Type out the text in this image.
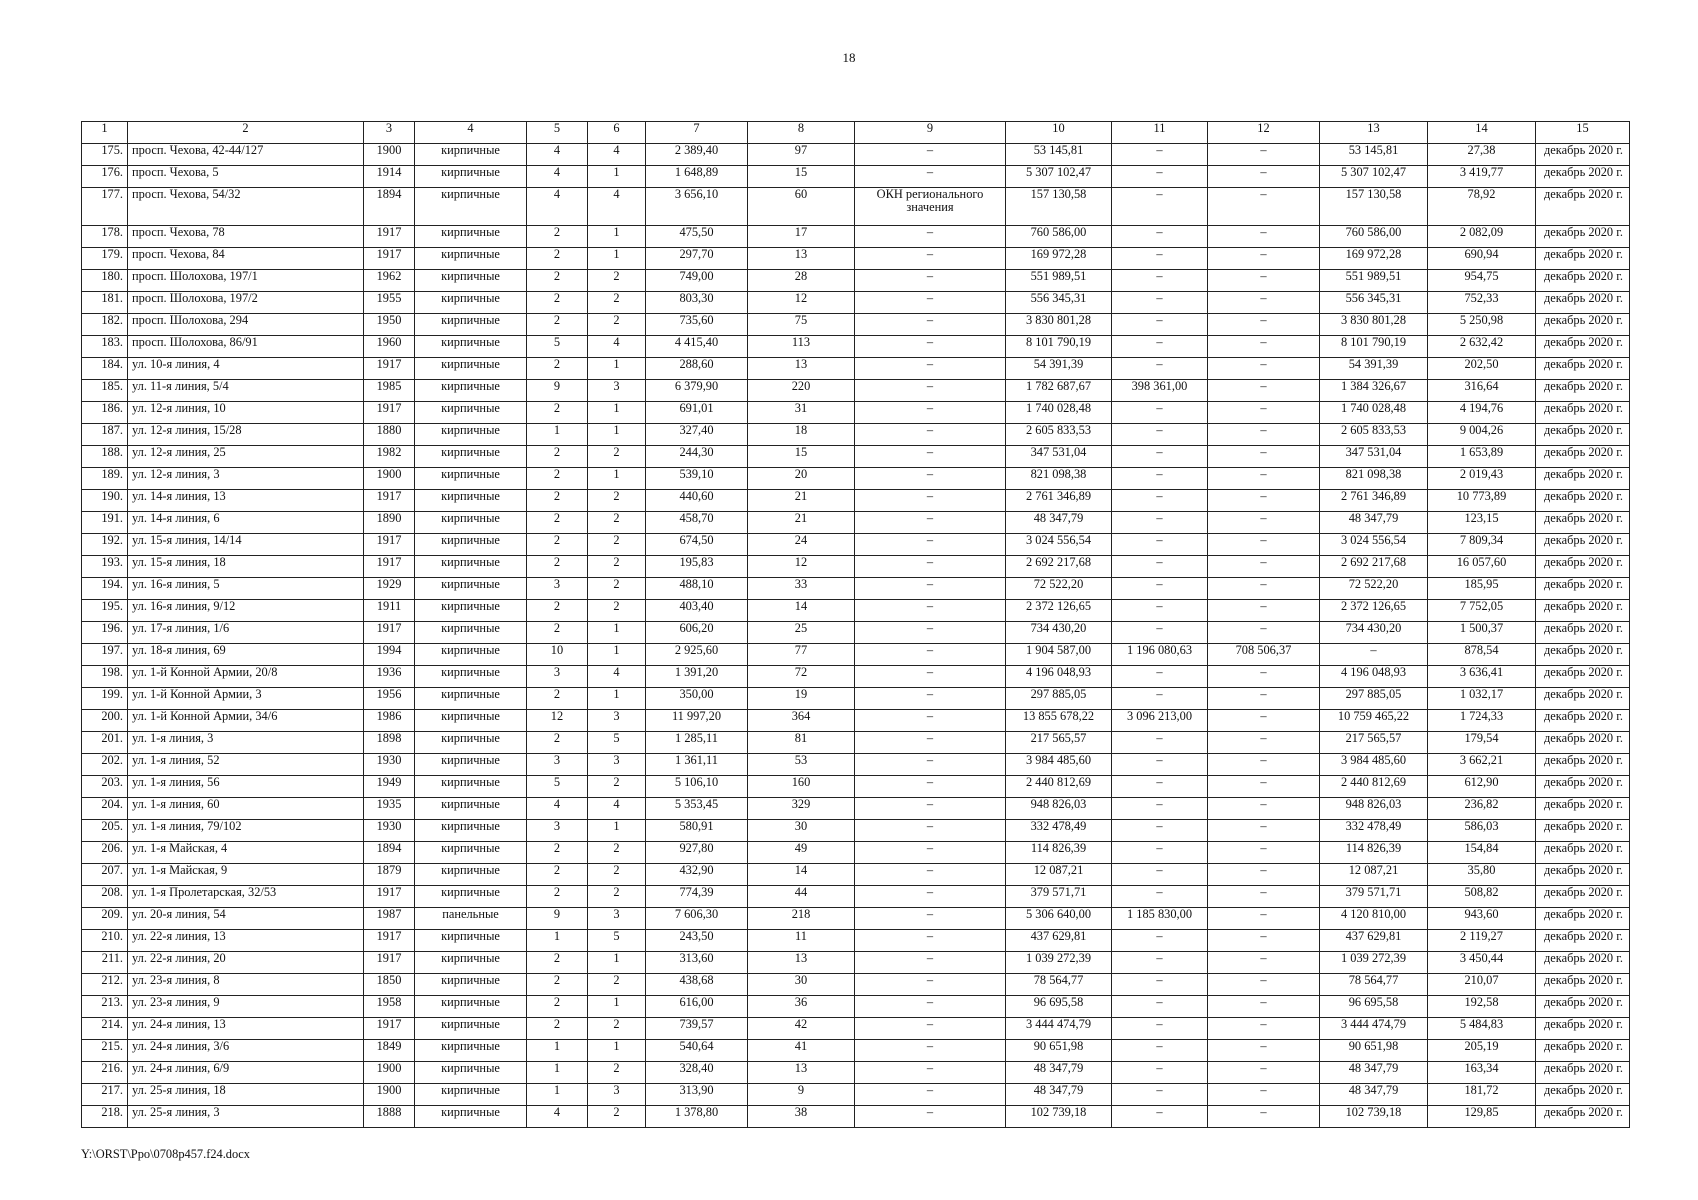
18
1	2	3	4	5	6	7	8	9	10	11	12	13	14	15
175.	просп. Чехова, 42-44/127	1900	кирпичные	4	4	2 389,40	97	–	53 145,81	–	–	53 145,81	27,38	декабрь 2020 г.
176.	просп. Чехова, 5	1914	кирпичные	4	1	1 648,89	15	–	5 307 102,47	–	–	5 307 102,47	3 419,77	декабрь 2020 г.
177.	просп. Чехова, 54/32	1894	кирпичные	4	4	3 656,10	60	ОКН регионального значения	157 130,58	–	–	157 130,58	78,92	декабрь 2020 г.
178.	просп. Чехова, 78	1917	кирпичные	2	1	475,50	17	–	760 586,00	–	–	760 586,00	2 082,09	декабрь 2020 г.
179.	просп. Чехова, 84	1917	кирпичные	2	1	297,70	13	–	169 972,28	–	–	169 972,28	690,94	декабрь 2020 г.
180.	просп. Шолохова, 197/1	1962	кирпичные	2	2	749,00	28	–	551 989,51	–	–	551 989,51	954,75	декабрь 2020 г.
181.	просп. Шолохова, 197/2	1955	кирпичные	2	2	803,30	12	–	556 345,31	–	–	556 345,31	752,33	декабрь 2020 г.
182.	просп. Шолохова, 294	1950	кирпичные	2	2	735,60	75	–	3 830 801,28	–	–	3 830 801,28	5 250,98	декабрь 2020 г.
183.	просп. Шолохова, 86/91	1960	кирпичные	5	4	4 415,40	113	–	8 101 790,19	–	–	8 101 790,19	2 632,42	декабрь 2020 г.
184.	ул. 10-я линия, 4	1917	кирпичные	2	1	288,60	13	–	54 391,39	–	–	54 391,39	202,50	декабрь 2020 г.
185.	ул. 11-я линия, 5/4	1985	кирпичные	9	3	6 379,90	220	–	1 782 687,67	398 361,00	–	1 384 326,67	316,64	декабрь 2020 г.
186.	ул. 12-я линия, 10	1917	кирпичные	2	1	691,01	31	–	1 740 028,48	–	–	1 740 028,48	4 194,76	декабрь 2020 г.
187.	ул. 12-я линия, 15/28	1880	кирпичные	1	1	327,40	18	–	2 605 833,53	–	–	2 605 833,53	9 004,26	декабрь 2020 г.
188.	ул. 12-я линия, 25	1982	кирпичные	2	2	244,30	15	–	347 531,04	–	–	347 531,04	1 653,89	декабрь 2020 г.
189.	ул. 12-я линия, 3	1900	кирпичные	2	1	539,10	20	–	821 098,38	–	–	821 098,38	2 019,43	декабрь 2020 г.
190.	ул. 14-я линия, 13	1917	кирпичные	2	2	440,60	21	–	2 761 346,89	–	–	2 761 346,89	10 773,89	декабрь 2020 г.
191.	ул. 14-я линия, 6	1890	кирпичные	2	2	458,70	21	–	48 347,79	–	–	48 347,79	123,15	декабрь 2020 г.
192.	ул. 15-я линия, 14/14	1917	кирпичные	2	2	674,50	24	–	3 024 556,54	–	–	3 024 556,54	7 809,34	декабрь 2020 г.
193.	ул. 15-я линия, 18	1917	кирпичные	2	2	195,83	12	–	2 692 217,68	–	–	2 692 217,68	16 057,60	декабрь 2020 г.
194.	ул. 16-я линия, 5	1929	кирпичные	3	2	488,10	33	–	72 522,20	–	–	72 522,20	185,95	декабрь 2020 г.
195.	ул. 16-я линия, 9/12	1911	кирпичные	2	2	403,40	14	–	2 372 126,65	–	–	2 372 126,65	7 752,05	декабрь 2020 г.
196.	ул. 17-я линия, 1/6	1917	кирпичные	2	1	606,20	25	–	734 430,20	–	–	734 430,20	1 500,37	декабрь 2020 г.
197.	ул. 18-я линия, 69	1994	кирпичные	10	1	2 925,60	77	–	1 904 587,00	1 196 080,63	708 506,37	–	878,54	декабрь 2020 г.
198.	ул. 1-й Конной Армии, 20/8	1936	кирпичные	3	4	1 391,20	72	–	4 196 048,93	–	–	4 196 048,93	3 636,41	декабрь 2020 г.
199.	ул. 1-й Конной Армии, 3	1956	кирпичные	2	1	350,00	19	–	297 885,05	–	–	297 885,05	1 032,17	декабрь 2020 г.
200.	ул. 1-й Конной Армии, 34/6	1986	кирпичные	12	3	11 997,20	364	–	13 855 678,22	3 096 213,00	–	10 759 465,22	1 724,33	декабрь 2020 г.
201.	ул. 1-я линия, 3	1898	кирпичные	2	5	1 285,11	81	–	217 565,57	–	–	217 565,57	179,54	декабрь 2020 г.
202.	ул. 1-я линия, 52	1930	кирпичные	3	3	1 361,11	53	–	3 984 485,60	–	–	3 984 485,60	3 662,21	декабрь 2020 г.
203.	ул. 1-я линия, 56	1949	кирпичные	5	2	5 106,10	160	–	2 440 812,69	–	–	2 440 812,69	612,90	декабрь 2020 г.
204.	ул. 1-я линия, 60	1935	кирпичные	4	4	5 353,45	329	–	948 826,03	–	–	948 826,03	236,82	декабрь 2020 г.
205.	ул. 1-я линия, 79/102	1930	кирпичные	3	1	580,91	30	–	332 478,49	–	–	332 478,49	586,03	декабрь 2020 г.
206.	ул. 1-я Майская, 4	1894	кирпичные	2	2	927,80	49	–	114 826,39	–	–	114 826,39	154,84	декабрь 2020 г.
207.	ул. 1-я Майская, 9	1879	кирпичные	2	2	432,90	14	–	12 087,21	–	–	12 087,21	35,80	декабрь 2020 г.
208.	ул. 1-я Пролетарская, 32/53	1917	кирпичные	2	2	774,39	44	–	379 571,71	–	–	379 571,71	508,82	декабрь 2020 г.
209.	ул. 20-я линия, 54	1987	панельные	9	3	7 606,30	218	–	5 306 640,00	1 185 830,00	–	4 120 810,00	943,60	декабрь 2020 г.
210.	ул. 22-я линия, 13	1917	кирпичные	1	5	243,50	11	–	437 629,81	–	–	437 629,81	2 119,27	декабрь 2020 г.
211.	ул. 22-я линия, 20	1917	кирпичные	2	1	313,60	13	–	1 039 272,39	–	–	1 039 272,39	3 450,44	декабрь 2020 г.
212.	ул. 23-я линия, 8	1850	кирпичные	2	2	438,68	30	–	78 564,77	–	–	78 564,77	210,07	декабрь 2020 г.
213.	ул. 23-я линия, 9	1958	кирпичные	2	1	616,00	36	–	96 695,58	–	–	96 695,58	192,58	декабрь 2020 г.
214.	ул. 24-я линия, 13	1917	кирпичные	2	2	739,57	42	–	3 444 474,79	–	–	3 444 474,79	5 484,83	декабрь 2020 г.
215.	ул. 24-я линия, 3/6	1849	кирпичные	1	1	540,64	41	–	90 651,98	–	–	90 651,98	205,19	декабрь 2020 г.
216.	ул. 24-я линия, 6/9	1900	кирпичные	1	2	328,40	13	–	48 347,79	–	–	48 347,79	163,34	декабрь 2020 г.
217.	ул. 25-я линия, 18	1900	кирпичные	1	3	313,90	9	–	48 347,79	–	–	48 347,79	181,72	декабрь 2020 г.
218.	ул. 25-я линия, 3	1888	кирпичные	4	2	1 378,80	38	–	102 739,18	–	–	102 739,18	129,85	декабрь 2020 г.
Y:\ORST\Ppo\0708p457.f24.docx
